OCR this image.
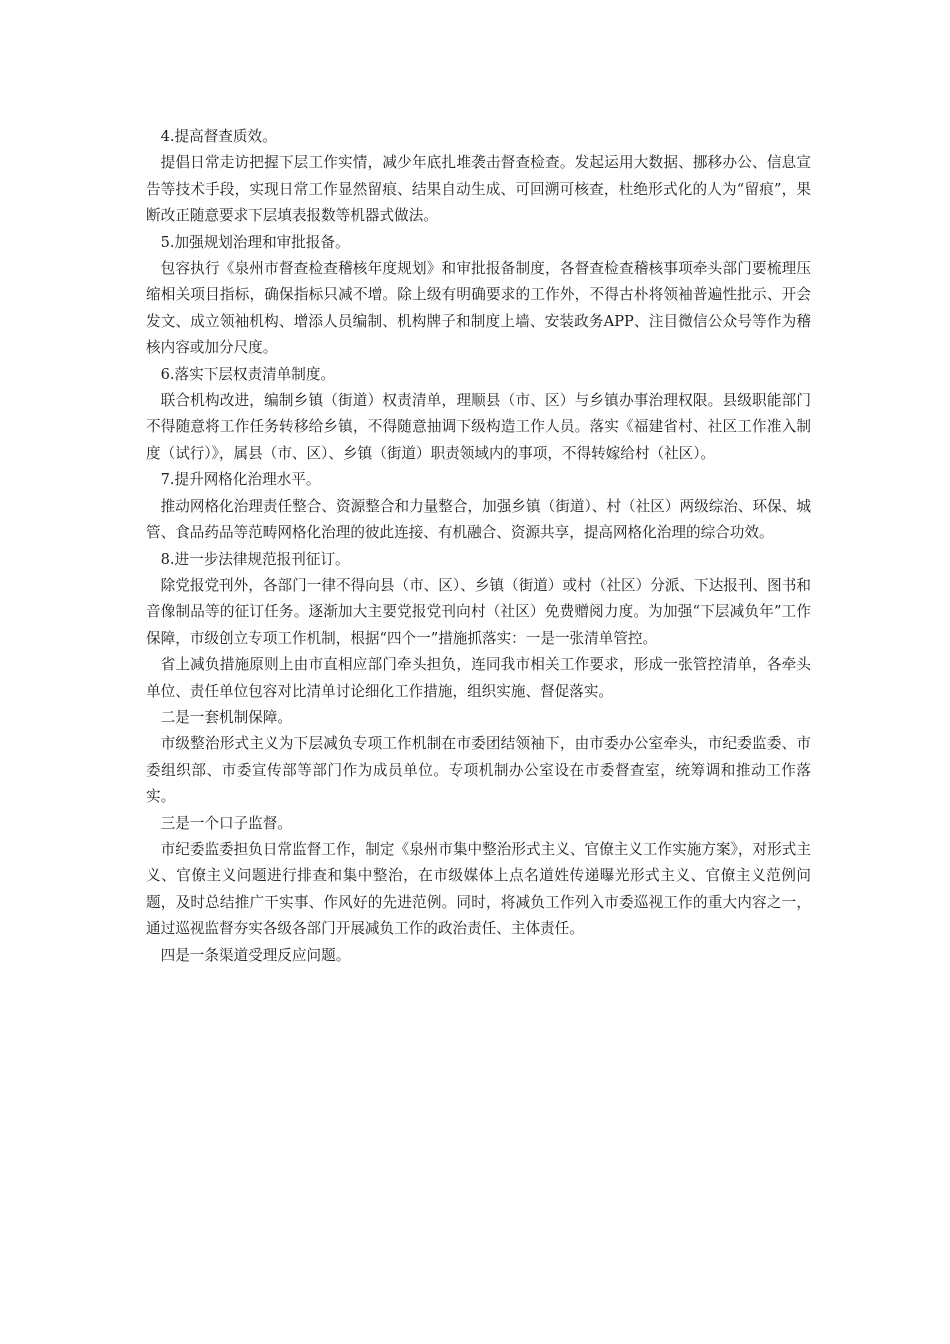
4.提高督查质效。

提倡日常走访把握下层工作实情，减少年底扎堆袭击督查检查。发起运用大数据、挪移办公、信息宣告等技术手段，实现日常工作显然留痕、结果自动生成、可回溯可核查，杜绝形式化的人为“留痕”，果断改正随意要求下层填表报数等机器式做法。

5.加强规划治理和审批报备。

包容执行《泉州市督查检查稽核年度规划》和审批报备制度，各督查检查稽核事项牵头部门要梳理压缩相关项目指标，确保指标只减不增。除上级有明确要求的工作外，不得古朴将领袖普遍性批示、开会发文、成立领袖机构、增添人员编制、机构牌子和制度上墙、安装政务APP、注目微信公众号等作为稽核内容或加分尺度。

6.落实下层权责清单制度。

联合机构改进，编制乡镇（街道）权责清单，理顺县（市、区）与乡镇办事治理权限。县级职能部门不得随意将工作任务转移给乡镇，不得随意抽调下级构造工作人员。落实《福建省村、社区工作准入制度（试行）》，属县（市、区）、乡镇（街道）职责领域内的事项，不得转嫁给村（社区）。

7.提升网格化治理水平。

推动网格化治理责任整合、资源整合和力量整合，加强乡镇（街道）、村（社区）两级综治、环保、城管、食品药品等范畴网格化治理的彼此连接、有机融合、资源共享，提高网格化治理的综合功效。

8.进一步法律规范报刊征订。

除党报党刊外，各部门一律不得向县（市、区）、乡镇（街道）或村（社区）分派、下达报刊、图书和音像制品等的征订任务。逐渐加大主要党报党刊向村（社区）免费赠阅力度。为加强“下层减负年”工作保障，市级创立专项工作机制，根据“四个一”措施抓落实：一是一张清单管控。

省上减负措施原则上由市直相应部门牵头担负，连同我市相关工作要求，形成一张管控清单，各牵头单位、责任单位包容对比清单讨论细化工作措施，组织实施、督促落实。

二是一套机制保障。

市级整治形式主义为下层减负专项工作机制在市委团结领袖下，由市委办公室牵头，市纪委监委、市委组织部、市委宣传部等部门作为成员单位。专项机制办公室设在市委督查室，统筹调和推动工作落实。

三是一个口子监督。

市纪委监委担负日常监督工作，制定《泉州市集中整治形式主义、官僚主义工作实施方案》，对形式主义、官僚主义问题进行排查和集中整治，在市级媒体上点名道姓传递曝光形式主义、官僚主义范例问题，及时总结推广干实事、作风好的先进范例。同时，将减负工作列入市委巡视工作的重大内容之一，通过巡视监督夯实各级各部门开展减负工作的政治责任、主体责任。

四是一条渠道受理反应问题。
